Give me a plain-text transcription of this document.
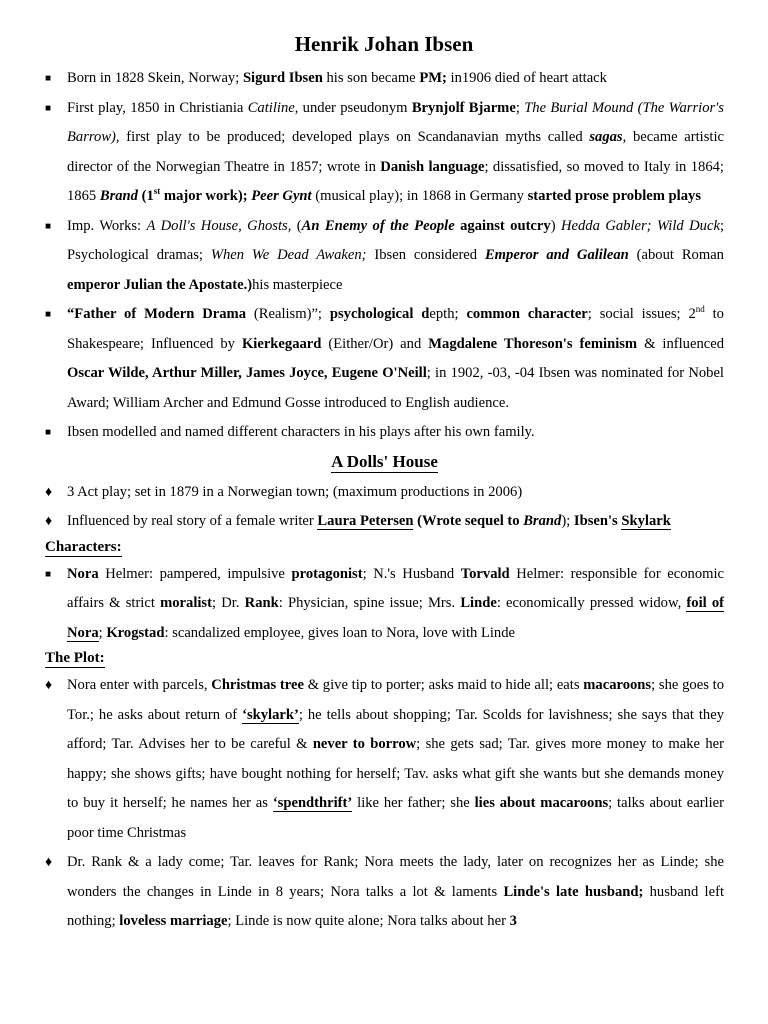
Henrik Johan Ibsen

■ Born in 1828 Skein, Norway; Sigurd Ibsen his son became PM; in1906 died of heart attack

■ First play, 1850 in Christiania Catiline, under pseudonym Brynjolf Bjarme; The Burial Mound (The Warrior's Barrow), first play to be produced; developed plays on Scandanavian myths called sagas, became artistic director of the Norwegian Theatre in 1857; wrote in Danish language; dissatisfied, so moved to Italy in 1864; 1865 Brand (1st major work); Peer Gynt (musical play); in 1868 in Germany started prose problem plays

■ Imp. Works: A Doll's House, Ghosts, (An Enemy of the People against outcry) Hedda Gabler; Wild Duck; Psychological dramas; When We Dead Awaken; Ibsen considered Emperor and Galilean (about Roman emperor Julian the Apostate.)his masterpiece

■ “Father of Modern Drama (Realism)”; psychological depth; common character; social issues; 2nd to Shakespeare; Influenced by Kierkegaard (Either/Or) and Magdalene Thoreson's feminism & influenced Oscar Wilde, Arthur Miller, James Joyce, Eugene O'Neill; in 1902, -03, -04 Ibsen was nominated for Nobel Award; William Archer and Edmund Gosse introduced to English audience.

■ Ibsen modelled and named different characters in his plays after his own family.

A Dolls' House

♦ 3 Act play; set in 1879 in a Norwegian town; (maximum productions in 2006)

♦ Influenced by real story of a female writer Laura Petersen (Wrote sequel to Brand); Ibsen's Skylark

Characters:

■ Nora Helmer: pampered, impulsive protagonist; N.'s Husband Torvald Helmer: responsible for economic affairs & strict moralist; Dr. Rank: Physician, spine issue; Mrs. Linde: economically pressed widow, foil of Nora; Krogstad: scandalized employee, gives loan to Nora, love with Linde

The Plot:

♦ Nora enter with parcels, Christmas tree & give tip to porter; asks maid to hide all; eats macaroons; she goes to Tor.; he asks about return of ‘skylark’; he tells about shopping; Tar. Scolds for lavishness; she says that they afford; Tar. Advises her to be careful & never to borrow; she gets sad; Tar. gives more money to make her happy; she shows gifts; have bought nothing for herself; Tav. asks what gift she wants but she demands money to buy it herself; he names her as ‘spendthrift’ like her father; she lies about macaroons; talks about earlier poor time Christmas

♦ Dr. Rank & a lady come; Tar. leaves for Rank; Nora meets the lady, later on recognizes her as Linde; she wonders the changes in Linde in 8 years; Nora talks a lot & laments Linde's late husband; husband left nothing; loveless marriage; Linde is now quite alone; Nora talks about her 3
